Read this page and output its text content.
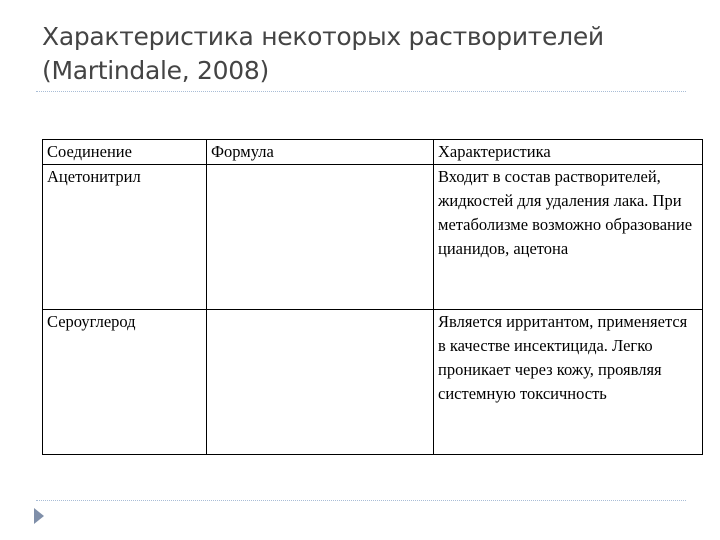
Характеристика некоторых растворителей
(Martindale, 2008)
Соединение	Формула	Характеристика
Ацетонитрил		Входит в состав растворителей, жидкостей для удаления лака. При метаболизме возможно образование цианидов, ацетона
Сероуглерод		Является ирритантом, применяется в качестве инсектицида. Легко проникает через кожу, проявляя системную токсичность
